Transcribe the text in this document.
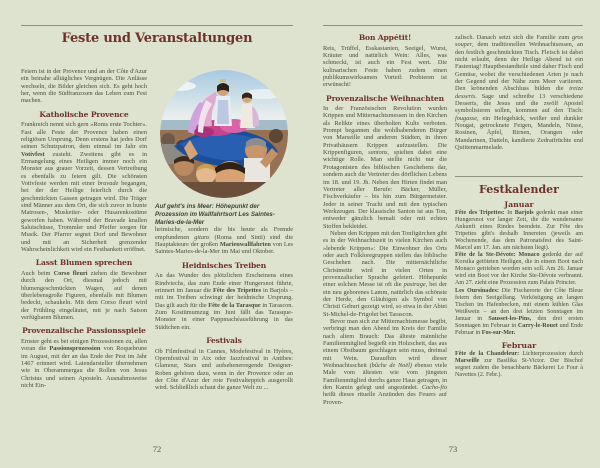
Feste und Veranstaltungen

Feiern ist in der Provence und an der Côte d'Azur ein beinahe alltägliches Vergnügen. Die Anlässe wechseln, die Bilder gleichen sich. Es geht hoch her, wenn die Südfranzosen das Leben zum Fest machen.

Katholische Provence

Frankreich nennt sich gern »Roms erste Tochter«. Fast alle Feste der Provence haben einen religiösen Ursprung. Denn erstens hat jedes Dorf seinen Schutzpatron, dem einmal im Jahr ein Votivfest zusteht. Zweitens gibt es in Ermangelung eines Heiligen immer noch ein Monster aus grauer Vorzeit, dessen Vertreibung es ebenfalls zu feiern gilt. Die schönsten Votivfeste werden mit einer bravade begangen, bei der der Heilige feierlich durch die geschmückten Gassen getragen wird. Die Träger sind Männer aus dem Ort, die sich zuvor in bunte Matrosen-, Musketier- oder Husarenkostüme geworfen haben. Während der Bravade knallen Salutschüsse, Trommler und Pfeifer sorgen für Musik. Der Pfarrer segnet Dorf und Bewohner und mit an Sicherheit grenzender Wahrscheinlichkeit wird ein Festbankett eröffnet.

Lasst Blumen sprechen

Auch beim Corso fleuri ziehen die Bewohner durch den Ort, diesmal jedoch mit blumengeschmückten Wagen, auf denen überlebensgroße Figuren, ebenfalls mit Blumen bedeckt, schaukeln. Mit dem Corso fleuri wird der Frühling eingeläutet, mit je nach Saison verfügbaren Blumen.

Provenzalische Passionsspiele

Ernster geht es bei einigen Prozessionen zu, allen voran die Passionsprozession von Roquebrune im August, mit der an das Ende der Pest im Jahr 1467 erinnert wird. Laiendarsteller übernehmen wie in Oberammergau die Rollen von Jesus Christus und seinen Aposteln. Ausnahmsweise nicht Ein-

Auf geht's ins Meer: Höhepunkt der Prozession im Wallfahrtsort Les Saintes-Maries-de-la-Mer

heimische, sondern die bis heute als Fremde empfundenen gitans (Roma und Sinti) sind die Hauptakteure der großen Marienwallfahrten von Les Saintes-Maries-de-la-Mer im Mai und Oktober.

Heidnisches Treiben

An das Wunder des plötzlichen Erscheinens eines Rindviechs, das zum Ende einer Hungersnot führte, erinnert im Januar die Fête des Tripettes in Barjols – mit im Treiben schwingt der heidnische Ursprung. Das gilt auch für die Fête de la Tarasque in Tarascon. Zum Kostümumzug im Juni fällt das Tarasque-Monster in einer Pappmachéausführung in das Städtchen ein.

Festivals

Ob Filmfestival in Cannes, Modefestival in Hyères, Opernfestival in Aix oder Jazzfestival in Antibes: Glamour, Stars und aufsehenerregende Designer-Roben gehören dazu, wenn in der Provence oder an der Côte d'Azur der rote Festivalteppich ausgerollt wird. Schließlich schaut die ganze Welt zu ...

72
Bon Appétit!

Reis, Trüffel, Esskastanien, Seeigel, Wurst, Kräuter und natürlich Wein: Alles, was schmeckt, ist auch ein Fest wert. Die kulinarischen Feste haben zudem einen publikumswirksamen Vorteil: Probieren ist erwünscht!

Provenzalische Weihnachten

In der Französischen Revolution wurden Krippen und Mitternachtsmessen in den Kirchen als Relikte eines überholten Kults verboten. Prompt begannen die wohlhabenderen Bürger von Marseille und anderen Städten, in ihren Privathäusern Krippen aufzustellen. Die Krippenfiguren, santons, spielten dabei eine wichtige Rolle. Man stellte nicht nur die Protagonisten des biblischen Geschehens dar, sondern auch die Vertreter des dörflichen Lebens im 18. und 19. Jh. Neben den Hirten findet man Vertreter aller Berufe: Bäcker, Müller, Fischverkäufer – bis hin zum Bürgermeister. Jeder in seiner Tracht und mit den typischen Werkzeugen. Der klassische Santon ist aus Ton, entweder gänzlich bemalt oder mit echten Stoffen bekleidet.

Neben den Krippen mit den Tonfigürchen gibt es in der Weihnachtszeit in vielen Kirchen auch »lebende Krippen«: Die Einwohner des Orts oder auch Folkloregruppen stellen das biblische Geschehen nach. Die mitternächtliche Christmette wird in vielen Orten in provenzalischer Sprache gefeiert. Höhepunkt einer solchen Messe ist oft die pastrage, bei der ein neu geborenes Lamm, natürlich das schönste der Herde, den Gläubigen als Symbol von Christi Geburt gezeigt wird, so etwa in der Abtei St-Michel-de-Frigolet bei Tarascon.

Bevor man sich zur Mitternachtsmesse begibt, verbringt man den Abend im Kreis der Familie nach altem Brauch: Das älteste männliche Familienmitglied begießt ein Holzscheit, das aus einem Obstbaum geschlagen sein muss, dreimal mit Wein. Daraufhin wird dieser Weihnachtsscheit (bûche de Noël) ebenso viele Male vom ältesten wie vom jüngsten Familienmitglied durchs ganze Haus getragen, in den Kamin gelegt und angezündet. Cacho-fio heißt dieses rituelle Anzünden des Feuers auf Proven-

zalisch. Danach setzt sich die Familie zum gros souper, dem traditionellen Weihnachtsessen, an den festlich geschmückten Tisch. Fleisch ist dabei nicht erlaubt, denn der Heilige Abend ist ein Fastentag! Hauptbestandteile sind daher Fisch und Gemüse, wobei die verschiedenen Arten je nach der Gegend und der Nähe zum Meer variieren. Den krönenden Abschluss bilden die treize desserts. Sage und schreibe 13 verschiedene Desserts, die Jesus und die zwölf Apostel symbolisieren sollen, kommen auf den Tisch: fougasse, ein Hefegebäck, weißer und dunkler Nougat, getrocknete Feigen, Mandeln, Nüsse, Rosinen, Äpfel, Birnen, Orangen oder Mandarinen, Datteln, kandierte Zedratfrüchte und Quittenmarmelade.

Festkalender
Januar

Fête des Tripettes: In Barjols gedenkt man einer Hungersnot vor langer Zeit, die die wundersame Ankunft eines Rindes beendete. Zur Fête des Tripettes gibt's deshalb Innereien (jeweils am Wochenende, das dem Patronatsfest des Saint-Marcel am 17. Jan. am nächsten liegt).

Fête de la Ste-Dévote: Monaco gedenkt der auf Korsika getöteten Heiligen, die in einem Boot nach Monaco getrieben worden sein soll. Am 26. Januar wird ein Boot vor der Kirche Ste-Dévote verbrannt. Am 27. zieht eine Prozession zum Palais Princier.

Les Oursinades: Die Fischerorte der Côte Bleue feiern den Seeigelfang. Verköstigung an langen Tischen im Hafenbecken, mit einem kühlen Glas Weißwein – an den drei letzten Sonntagen im Januar in Sausset-les-Pins, den drei ersten Sonntagen im Februar in Carry-le-Rouet und Ende Februar in Fos-sur-Mer.

Februar

Fête de la Chandeleur: Lichterprozession durch Marseille zur Basilika St-Victor. Der Bischof segnet zudem die benachbarte Bäckerei Le Four à Navettes (2. Febr.).

73
